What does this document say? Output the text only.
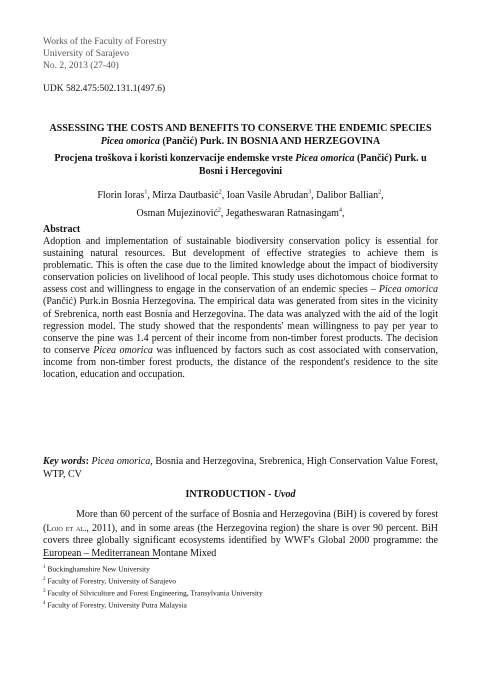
Works of the Faculty of Forestry
University of Sarajevo
No. 2, 2013 (27-40)
UDK 582.475:502.131.1(497.6)
ASSESSING THE COSTS AND BENEFITS TO CONSERVE THE ENDEMIC SPECIES Picea omorica (Pančić) Purk. IN BOSNIA AND HERZEGOVINA
Procjena troškova i koristi konzervacije endemske vrste Picea omorica (Pančić) Purk. u Bosni i Hercegovini
Florin Ioras$^1$, Mirza Dautbasić$^2$, Ioan Vasile Abrudan$^3$, Dalibor Ballian$^2$,
Osman Mujezinović$^2$, Jegatheswaran Ratnasingam$^4$,
Abstract
Adoption and implementation of sustainable biodiversity conservation policy is essential for sustaining natural resources. But development of effective strategies to achieve them is problematic. This is often the case due to the limited knowledge about the impact of biodiversity conservation policies on livelihood of local people. This study uses dichotomous choice format to assess cost and willingness to engage in the conservation of an endemic species – Picea omorica (Pančić) Purk.in Bosnia Herzegovina. The empirical data was generated from sites in the vicinity of Srebrenica, north east Bosnia and Herzegovina. The data was analyzed with the aid of the logit regression model. The study showed that the respondents' mean willingness to pay per year to conserve the pine was 1.4 percent of their income from non-timber forest products. The decision to conserve Picea omorica was influenced by factors such as cost associated with conservation, income from non-timber forest products, the distance of the respondent's residence to the site location, education and occupation.
Key words: Picea omorica, Bosnia and Herzegovina, Srebrenica, High Conservation Value Forest, WTP, CV
INTRODUCTION - Uvod
More than 60 percent of the surface of Bosnia and Herzegovina (BiH) is covered by forest (Lojo et al., 2011), and in some areas (the Herzegovina region) the share is over 90 percent. BiH covers three globally significant ecosystems identified by WWF's Global 2000 programme: the European – Mediterranean Montane Mixed
$^1$ Buckinghamshire New University
$^2$ Faculty of Forestry, University of Sarajevo
$^3$ Faculty of Silviculture and Forest Engineering, Transylvania University
$^4$ Faculty of Forestry, University Putra Malaysia
